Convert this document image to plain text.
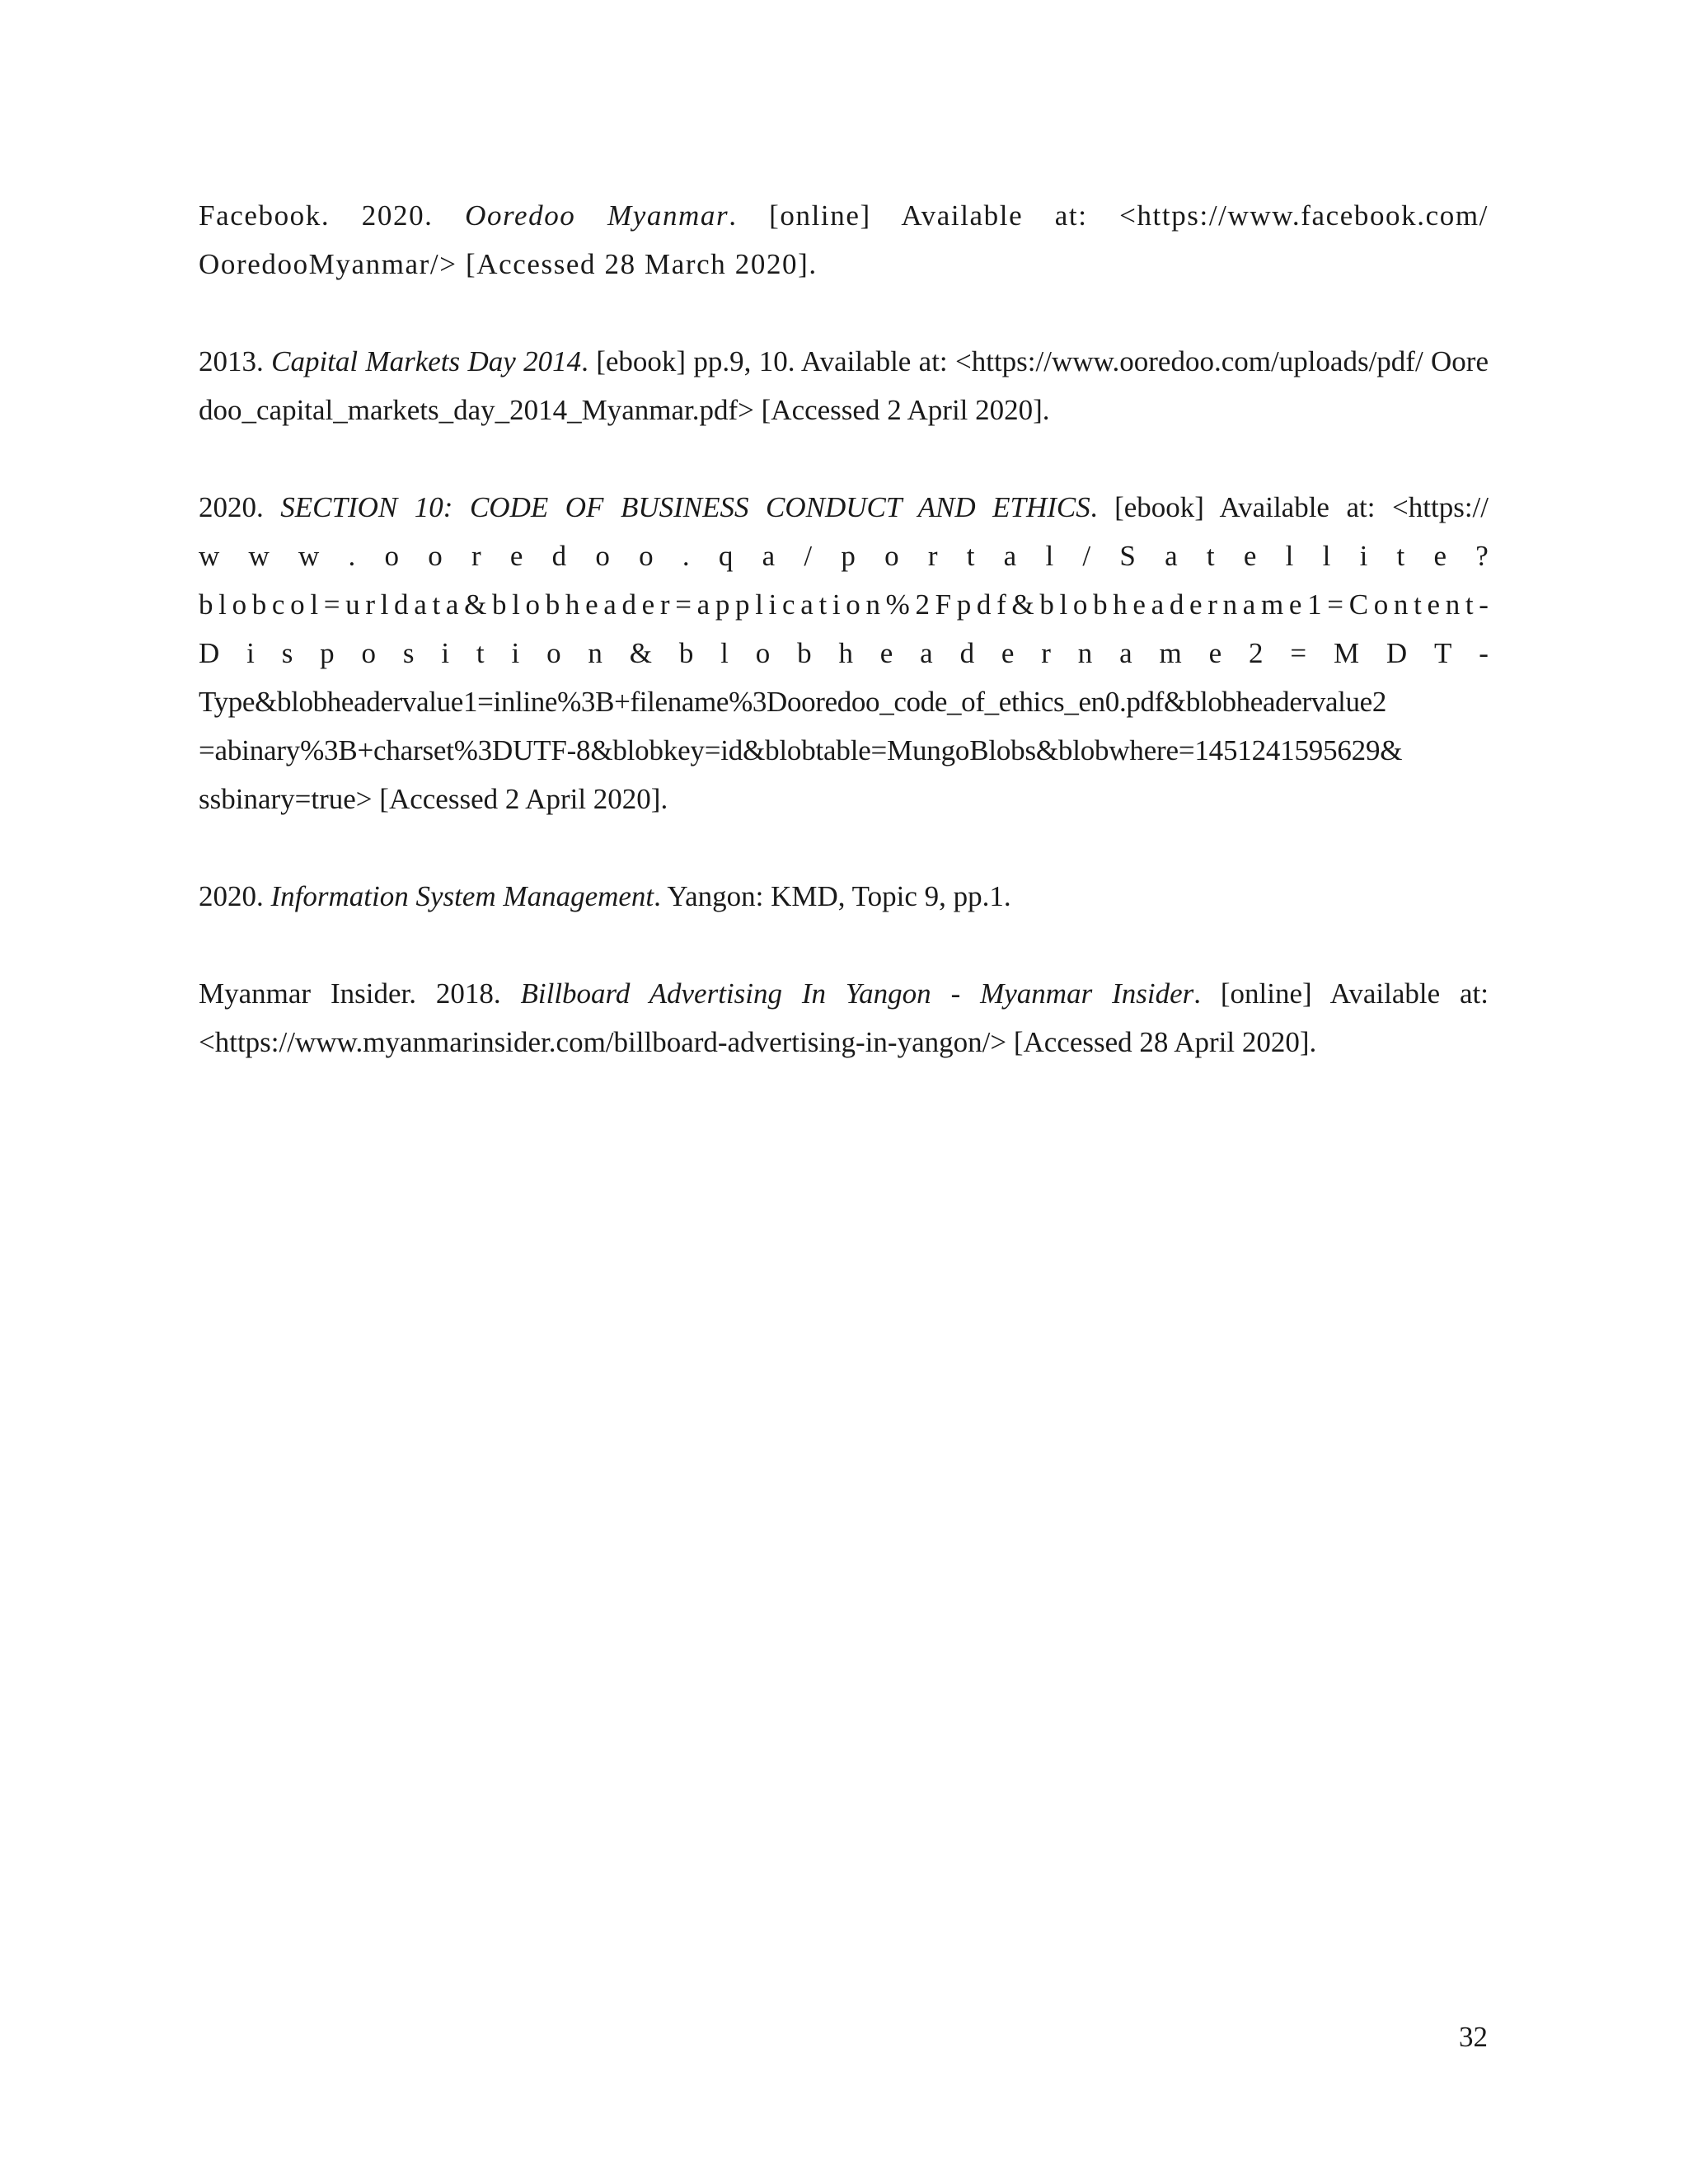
Facebook. 2020. Ooredoo Myanmar. [online] Available at: <https://www.facebook.com/ OoredooMyanmar/> [Accessed 28 March 2020].

2013. Capital Markets Day 2014. [ebook] pp.9, 10. Available at: <https://www.ooredoo.com/uploads/pdf/ Ooredoo_capital_markets_day_2014_Myanmar.pdf> [Accessed 2 April 2020].

2020. SECTION 10: CODE OF BUSINESS CONDUCT AND ETHICS. [ebook] Available at: <https://
w w w . o o r e d o o . q a / p o r t a l / S a t e l l i t e ?
b l o b c o l = u r l d a t a & b l o b h e a d e r = a p p l i c a t i o n % 2 F p d f & b l o b h e a d e r n a m e 1 = C o n t e n t -
D i s p o s i t i o n & b l o b h e a d e r n a m e 2 = M D T -
Type&blobheadervalue1=inline%3B+filename%3Dooredoo_code_of_ethics_en0.pdf&blobheadervalue2
=abinary%3B+charset%3DUTF-8&blobkey=id&blobtable=MungoBlobs&blobwhere=1451241595629&
ssbinary=true> [Accessed 2 April 2020].

2020. Information System Management. Yangon: KMD, Topic 9, pp.1.

Myanmar Insider. 2018. Billboard Advertising In Yangon - Myanmar Insider. [online] Available at: <https://www.myanmarinsider.com/billboard-advertising-in-yangon/> [Accessed 28 April 2020].

32
